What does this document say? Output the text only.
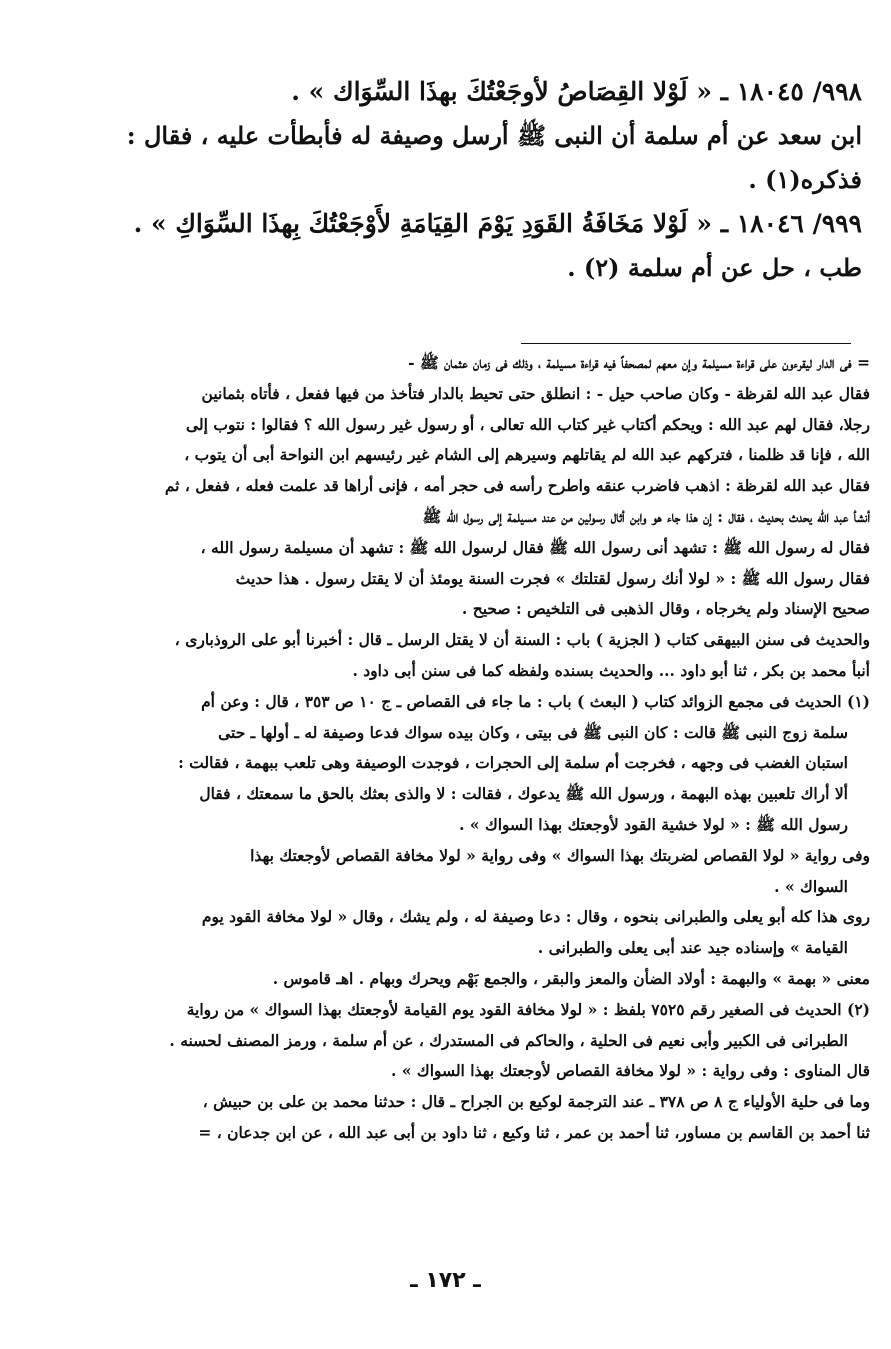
٩٩٨/ ١٨٠٤٥ ـ « لَوْلا القِصَاصُ لأوجَعْتُكَ بهذَا السِّوَاك » .
ابن سعد عن أم سلمة أن النبى ﷺ أرسل وصيفة له فأبطأت عليه ، فقال :
فذكره(١) .
٩٩٩/ ١٨٠٤٦ ـ « لَوْلا مَخَافَةُ القَوَدِ يَوْمَ القِيَامَةِ لأَوْجَعْتُكَ بِهذَا السِّوَاكِ » .
طب ، حل عن أم سلمة (٢) .
= فى الدار ليقرءون على قراءة مسيلمة وإن معهم لمصحفاً فيه قراءة مسيلمة ، وذلك فى زمان عثمان ﷺ -
فقال عبد الله لقرظة - وكان صاحب حيل - : انطلق حتى تحيط بالدار فتأخذ من فيها ففعل ، فأتاه بثمانين
رجلا، فقال لهم عبد الله : ويحكم أكتاب غير كتاب الله تعالى ، أو رسول غير رسول الله ؟ فقالوا : نتوب إلى
الله ، فإنا قد ظلمنا ، فتركهم عبد الله لم يقاتلهم وسيرهم إلى الشام غير رئيسهم ابن النواحة أبى أن يتوب ،
فقال عبد الله لقرظة : اذهب فاضرب عنقه واطرح رأسه فى حجر أمه ، فإنى أراها قد علمت فعله ، ففعل ، ثم
أنشأ عبد الله يحدث بحديث ، فقال : إن هذا جاء هو وابن أثال رسولين من عند مسيلمة إلى رسول الله ﷺ
فقال له رسول الله ﷺ : تشهد أنى رسول الله ﷺ فقال لرسول الله ﷺ : تشهد أن مسيلمة رسول الله ،
فقال رسول الله ﷺ : « لولا أنك رسول لقتلتك » فجرت السنة يومئذ أن لا يقتل رسول . هذا حديث
صحيح الإسناد ولم يخرجاه ، وقال الذهبى فى التلخيص : صحيح .
والحديث فى سنن البيهقى كتاب ( الجزية ) باب : السنة أن لا يقتل الرسل ـ قال : أخبرنا أبو على الروذبارى ،
أنبأ محمد بن بكر ، ثنا أبو داود ... والحديث بسنده ولفظه كما فى سنن أبى داود .
(١) الحديث فى مجمع الزوائد كتاب ( البعث ) باب : ما جاء فى القصاص ـ ج ١٠ ص ٣٥٣ ، قال : وعن أم
سلمة زوج النبى ﷺ قالت : كان النبى ﷺ فى بيتى ، وكان بيده سواك فدعا وصيفة له ـ أولها ـ حتى
استبان الغضب فى وجهه ، فخرجت أم سلمة إلى الحجرات ، فوجدت الوصيفة وهى تلعب ببهمة ، فقالت :
ألا أراك تلعبين بهذه البهمة ، ورسول الله ﷺ يدعوك ، فقالت : لا والذى بعثك بالحق ما سمعتك ، فقال
رسول الله ﷺ : « لولا خشية القود لأوجعتك بهذا السواك » .
وفى رواية « لولا القصاص لضربتك بهذا السواك » وفى رواية « لولا مخافة القصاص لأوجعتك بهذا
السواك » .
روى هذا كله أبو يعلى والطبرانى بنحوه ، وقال : دعا وصيفة له ، ولم يشك ، وقال « لولا مخافة القود يوم
القيامة » وإسناده جيد عند أبى يعلى والطبرانى .
معنى « بهمة » والبهمة : أولاد الضأن والمعز والبقر ، والجمع بَهْم ويحرك وبهام . اهـ قاموس .
(٢) الحديث فى الصغير رقم ٧٥٢٥ بلفظ : « لولا مخافة القود يوم القيامة لأوجعتك بهذا السواك » من رواية
الطبرانى فى الكبير وأبى نعيم فى الحلية ، والحاكم فى المستدرك ، عن أم سلمة ، ورمز المصنف لحسنه .
قال المناوى : وفى رواية : « لولا مخافة القصاص لأوجعتك بهذا السواك » .
وما فى حلية الأولياء ج ٨ ص ٣٧٨ ـ عند الترجمة لوكيع بن الجراح ـ قال : حدثنا محمد بن على بن حبيش ،
ثنا أحمد بن القاسم بن مساور، ثنا أحمد بن عمر ، ثنا وكيع ، ثنا داود بن أبى عبد الله ، عن ابن جدعان ، =
ـ ١٧٢ ـ
